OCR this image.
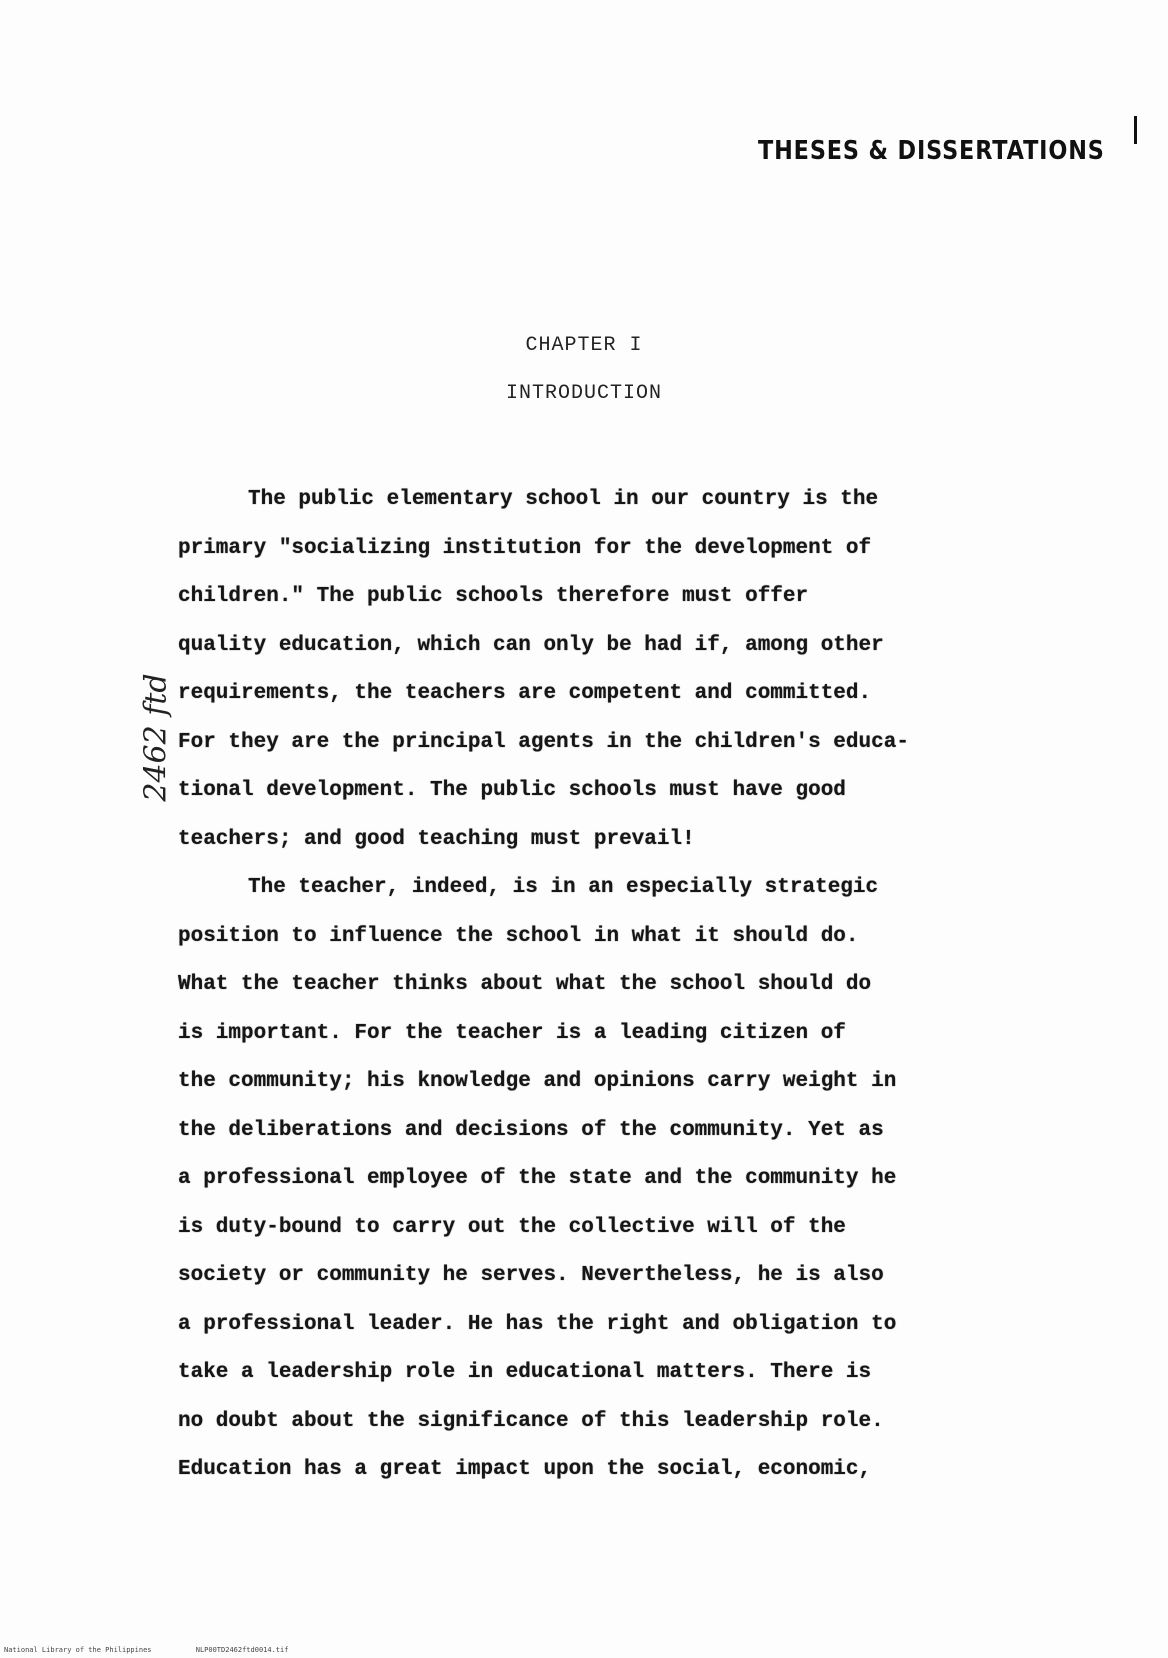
THESES & DISSERTATIONS
CHAPTER I
INTRODUCTION
2462 ftd
The public elementary school in our country is the
primary "socializing institution for the development of
children." The public schools therefore must offer
quality education, which can only be had if, among other
requirements, the teachers are competent and committed.
For they are the principal agents in the children's educa-
tional development. The public schools must have good
teachers; and good teaching must prevail!
The teacher, indeed, is in an especially strategic
position to influence the school in what it should do.
What the teacher thinks about what the school should do
is important. For the teacher is a leading citizen of
the community; his knowledge and opinions carry weight in
the deliberations and decisions of the community. Yet as
a professional employee of the state and the community he
is duty-bound to carry out the collective will of the
society or community he serves. Nevertheless, he is also
a professional leader. He has the right and obligation to
take a leadership role in educational matters. There is
no doubt about the significance of this leadership role.
Education has a great impact upon the social, economic,
National Library of the Philippines	NLP00TD2462ftd0014.tif
